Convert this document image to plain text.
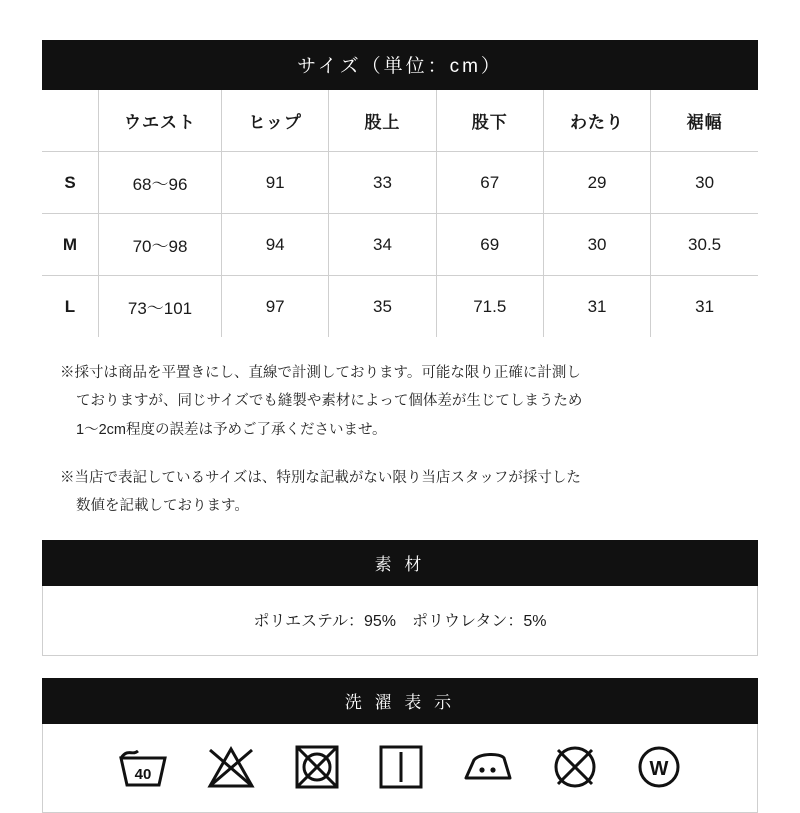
サイズ（単位：cm）
	ウエスト	ヒップ	股上	股下	わたり	裾幅
S	68〜96	91	33	67	29	30
M	70〜98	94	34	69	30	30.5
L	73〜101	97	35	71.5	31	31

※採寸は商品を平置きにし、直線で計測しております。可能な限り正確に計測し
ておりますが、同じサイズでも縫製や素材によって個体差が生じてしまうため
1〜2cm程度の誤差は予めご了承くださいませ。

※当店で表記しているサイズは、特別な記載がない限り当店スタッフが採寸した
数値を記載しております。

素 材
ポリエステル：95%　ポリウレタン：5%
洗 濯 表 示
40	W
